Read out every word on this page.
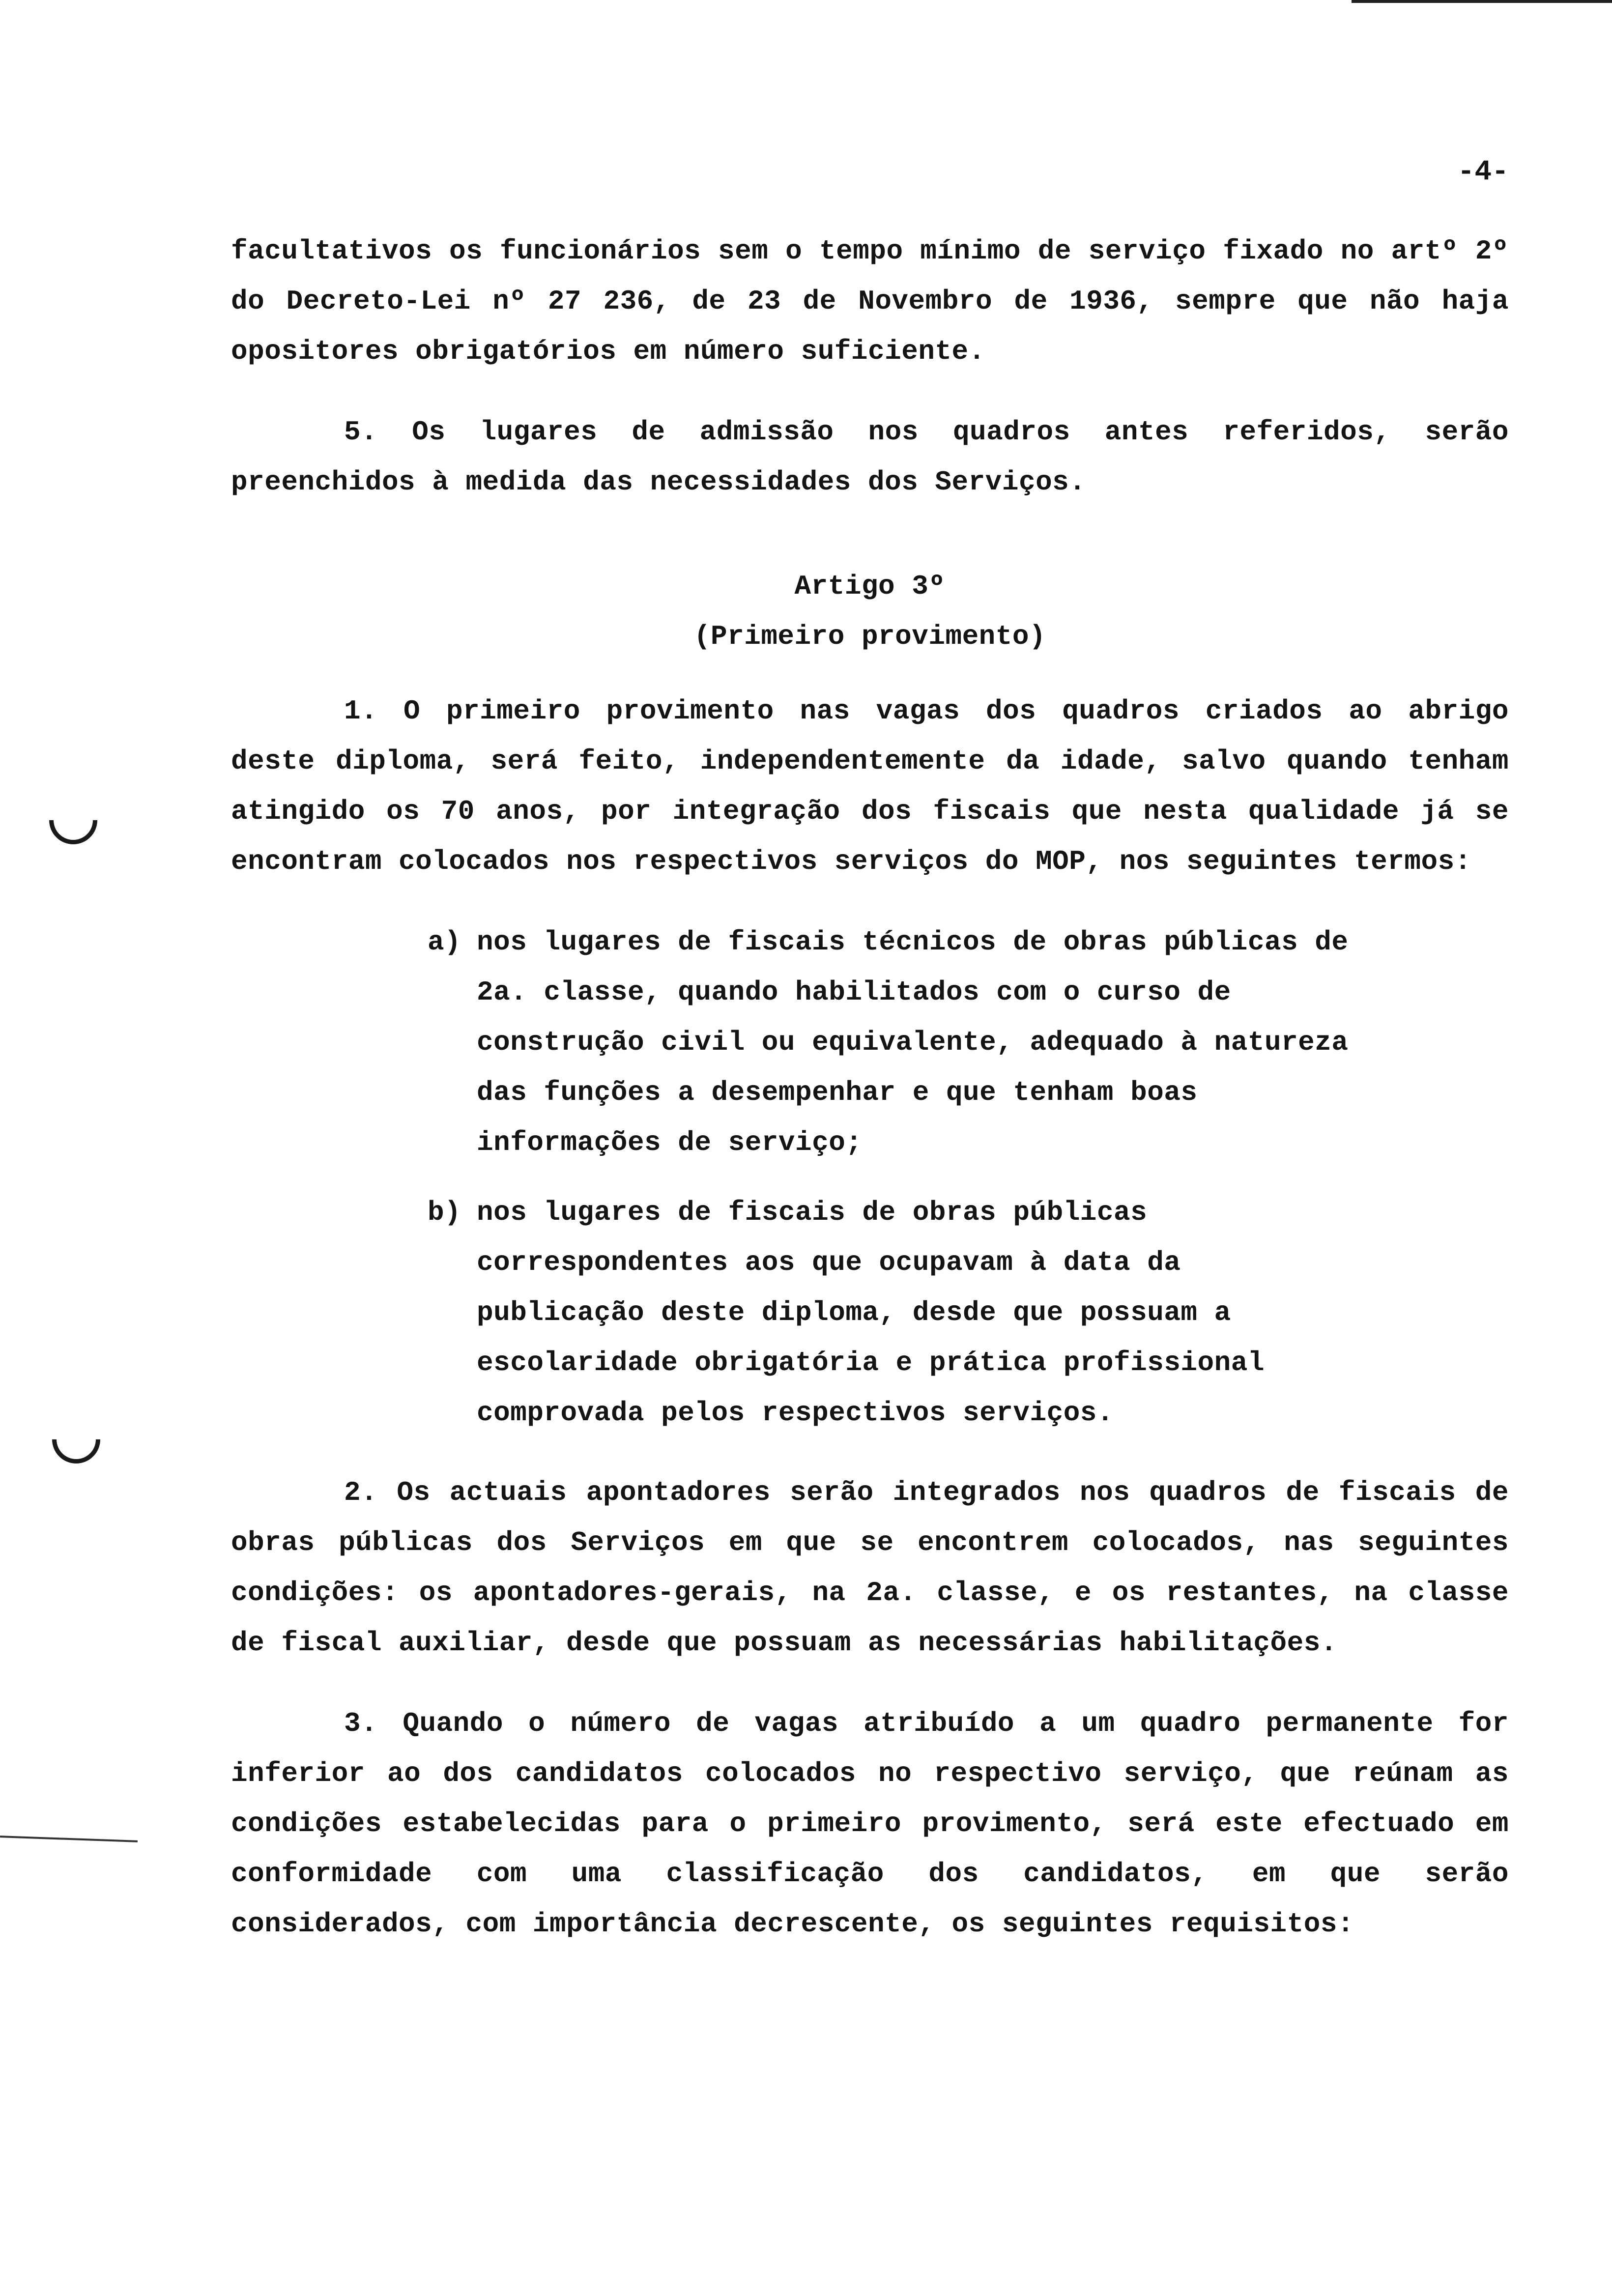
-4-

facultativos os funcionários sem o tempo mínimo de serviço fixado no artº 2º do Decreto-Lei nº 27 236, de 23 de Novembro de 1936, sempre que não haja opositores obrigatórios em número suficiente.

5. Os lugares de admissão nos quadros antes referidos, serão preenchidos à medida das necessidades dos Serviços.

Artigo 3º

(Primeiro provimento)

1. O primeiro provimento nas vagas dos quadros criados ao abrigo deste diploma, será feito, independentemente da idade, salvo quando tenham atingido os 70 anos, por integração dos fiscais que nesta qualidade já se encontram colocados nos respectivos serviços do MOP, nos seguintes termos:

a) nos lugares de fiscais técnicos de obras públicas de 2a. classe, quando habilitados com o curso de construção civil ou equivalente, adequado à natureza das funções a desempenhar e que tenham boas informações de serviço;
b) nos lugares de fiscais de obras públicas correspondentes aos que ocupavam à data da publicação deste diploma, desde que possuam a escolaridade obrigatória e prática profissional comprovada pelos respectivos serviços.

2. Os actuais apontadores serão integrados nos quadros de fiscais de obras públicas dos Serviços em que se encontrem colocados, nas seguintes condições: os apontadores-gerais, na 2a. classe, e os restantes, na classe de fiscal auxiliar, desde que possuam as necessárias habilitações.

3. Quando o número de vagas atribuído a um quadro permanente for inferior ao dos candidatos colocados no respectivo serviço, que reúnam as condições estabelecidas para o primeiro provimento, será este efectuado em conformidade com uma classificação dos candidatos, em que serão considerados, com importância decrescente, os seguintes requisitos:
